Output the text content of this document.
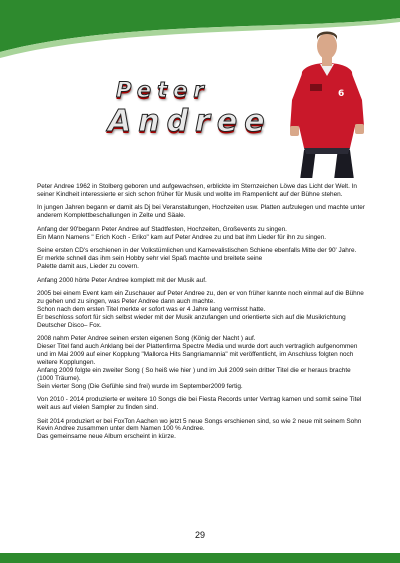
Peter
Andree
6

Peter Andree 1962 in Stolberg geboren und aufgewachsen, erblickte im Sternzeichen Löwe das Licht der Welt. In seiner Kindheit interessierte er sich schon früher für Musik und wollte im Rampenlicht auf der Bühne stehen.

In jungen Jahren begann er damit als Dj bei Veranstaltungen, Hochzeiten usw. Platten aufzulegen und machte unter anderem Komplettbeschallungen in Zelte und Säale.

Anfang der 90'begann Peter Andree auf Stadtfesten, Hochzeiten, Großevents zu singen.
Ein Mann Namens " Erich Koch - Eriko" kam auf Peter Andree zu und bat ihm Lieder für ihn zu singen.

Seine ersten CD's erschienen in der Volkstümlichen und Karnevalistischen Schiene ebenfalls Mitte der 90' Jahre.
Er merkte schnell das ihm sein Hobby sehr viel Spaß machte und breitete seine
Palette damit aus, Lieder zu covern.

Anfang 2000 hörte Peter Andree komplett mit der Musik auf.

2005 bei einem Event kam ein Zuschauer auf Peter Andree zu, den er von früher kannte noch einmal auf die Bühne zu gehen und zu singen, was Peter Andree dann auch machte.
Schon nach dem ersten Titel merkte er sofort was er 4 Jahre lang vermisst hatte.
Er beschloss sofort für sich selbst wieder mit der Musik anzufangen und orientierte sich auf die Musikrichtung Deutscher Disco– Fox.

2008 nahm Peter Andree seinen ersten eigenen Song (König der Nacht ) auf.
Dieser Titel fand auch Anklang bei der Plattenfirma Spectre Media und wurde dort auch vertraglich aufgenommen und im Mai 2009 auf einer Kopplung "Mallorca Hits Sangriamannia" mit veröffentlicht, im Anschluss folgten noch weitere Kopplungen.
Anfang 2009 folgte ein zweiter Song ( So heiß wie hier ) und im Juli 2009 sein dritter Titel die er heraus brachte (1000 Träume).
Sein vierter Song (Die Gefühle sind frei) wurde im September2009 fertig.

Von 2010 - 2014 produzierte er weitere 10 Songs die bei Fiesta Records unter Vertrag kamen und somit seine Titel weit aus auf vielen Sampler zu finden sind.

Seit 2014 produziert er bei FoxTon Aachen wo jetzt 5 neue Songs erschienen sind, so wie 2 neue mit seinem Sohn Kevin Andree zusammen unter dem Namen 100 % Andree.
Das gemeinsame neue Album erscheint in kürze.

29
